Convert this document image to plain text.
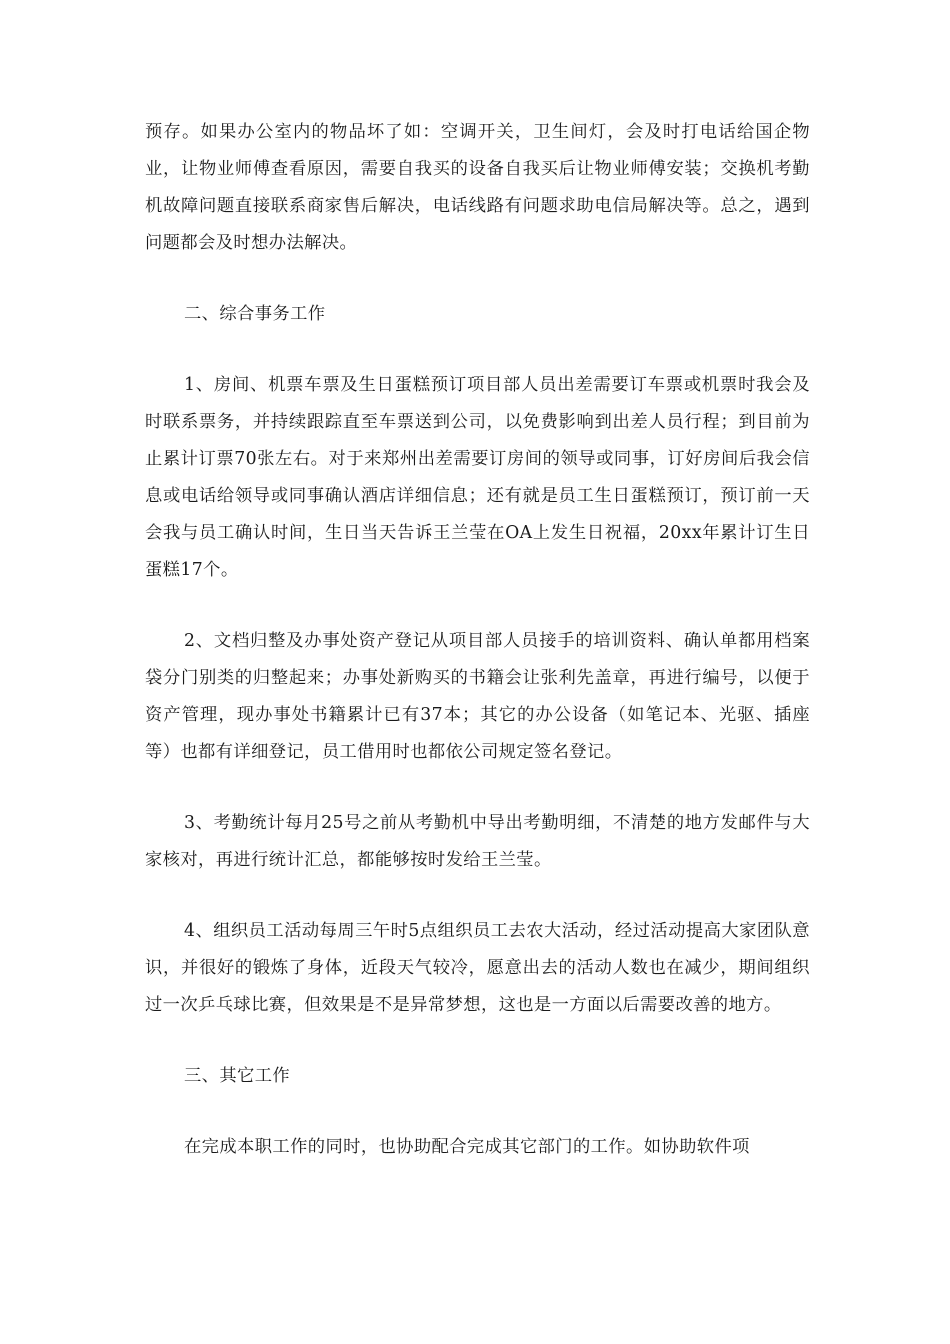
预存。如果办公室内的物品坏了如：空调开关，卫生间灯，会及时打电话给国企物业，让物业师傅查看原因，需要自我买的设备自我买后让物业师傅安装；交换机考勤机故障问题直接联系商家售后解决，电话线路有问题求助电信局解决等。总之，遇到问题都会及时想办法解决。

二、综合事务工作

1、房间、机票车票及生日蛋糕预订项目部人员出差需要订车票或机票时我会及时联系票务，并持续跟踪直至车票送到公司，以免费影响到出差人员行程；到目前为止累计订票70张左右。对于来郑州出差需要订房间的领导或同事，订好房间后我会信息或电话给领导或同事确认酒店详细信息；还有就是员工生日蛋糕预订，预订前一天会我与员工确认时间，生日当天告诉王兰莹在OA上发生日祝福，20xx年累计订生日蛋糕17个。

2、文档归整及办事处资产登记从项目部人员接手的培训资料、确认单都用档案袋分门别类的归整起来；办事处新购买的书籍会让张利先盖章，再进行编号，以便于资产管理，现办事处书籍累计已有37本；其它的办公设备（如笔记本、光驱、插座等）也都有详细登记，员工借用时也都依公司规定签名登记。

3、考勤统计每月25号之前从考勤机中导出考勤明细，不清楚的地方发邮件与大家核对，再进行统计汇总，都能够按时发给王兰莹。

4、组织员工活动每周三午时5点组织员工去农大活动，经过活动提高大家团队意识，并很好的锻炼了身体，近段天气较冷，愿意出去的活动人数也在减少，期间组织过一次乒乓球比赛，但效果是不是异常梦想，这也是一方面以后需要改善的地方。

三、其它工作

在完成本职工作的同时，也协助配合完成其它部门的工作。如协助软件项
